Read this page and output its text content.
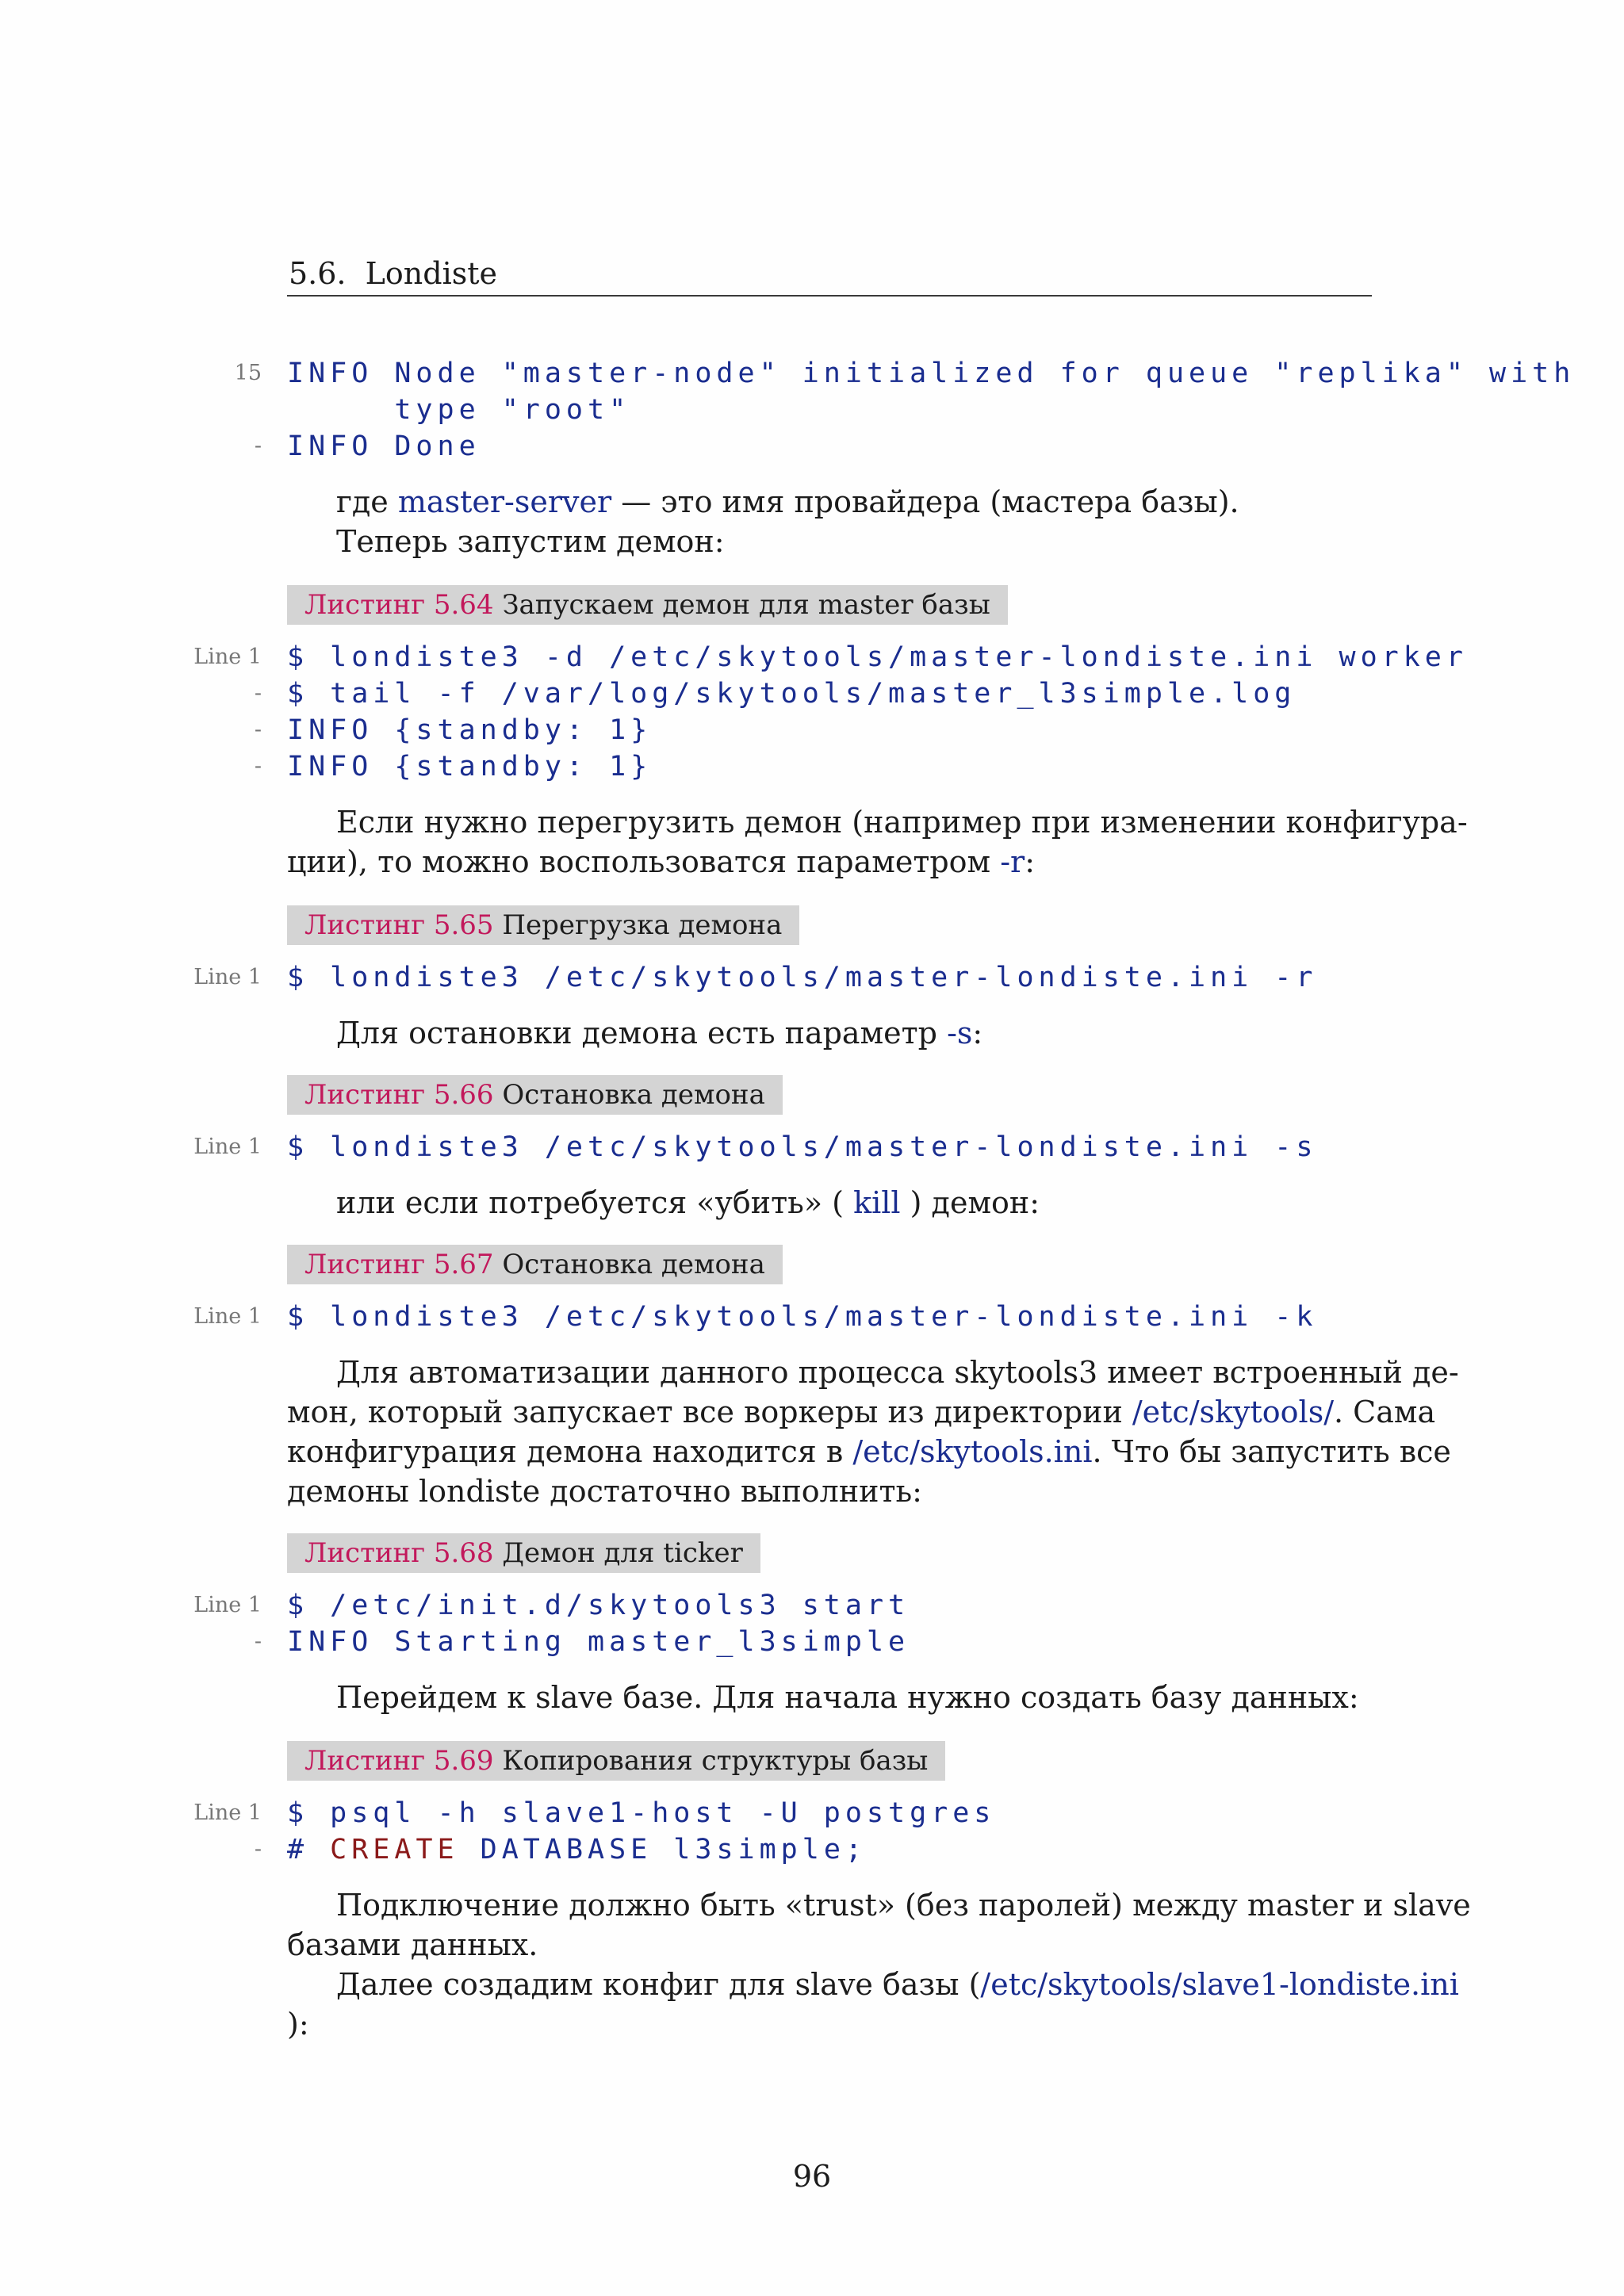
5.6.  Londiste
15
-
INFO Node "master-node" initialized for queue "replika" with
type "root"
INFO Done
где master-server — это имя провайдера (мастера базы).
Теперь запустим демон:
Листинг 5.64 Запускаем демон для master базы
Line 1
-
-
-
$ londiste3 -d /etc/skytools/master-londiste.ini worker
$ tail -f /var/log/skytools/master_l3simple.log
INFO {standby: 1}
INFO {standby: 1}
Если нужно перегрузить демон (например при изменении конфигура-
ции), то можно воспользоватся параметром -r:
Листинг 5.65 Перегрузка демона
Line 1 $ londiste3 /etc/skytools/master-londiste.ini -r
Для остановки демона есть параметр -s:
Листинг 5.66 Остановка демона
Line 1 $ londiste3 /etc/skytools/master-londiste.ini -s
или если потребуется «убить» ( kill ) демон:
Листинг 5.67 Остановка демона
Line 1 $ londiste3 /etc/skytools/master-londiste.ini -k
Для автоматизации данного процесса skytools3 имеет встроенный де-
мон, который запускает все воркеры из директории /etc/skytools/. Сама
конфигурация демона находится в /etc/skytools.ini. Что бы запустить все
демоны londiste достаточно выполнить:
Листинг 5.68 Демон для ticker
Line 1
-
$ /etc/init.d/skytools3 start
INFO Starting master_l3simple
Перейдем к slave базе. Для начала нужно создать базу данных:
Листинг 5.69 Копирования структуры базы
Line 1
-
$ psql -h slave1-host -U postgres
# CREATE DATABASE l3simple;
Подключение должно быть «trust» (без паролей) между master и slave
базами данных.
Далее создадим конфиг для slave базы (/etc/skytools/slave1-londiste.ini
):
96
